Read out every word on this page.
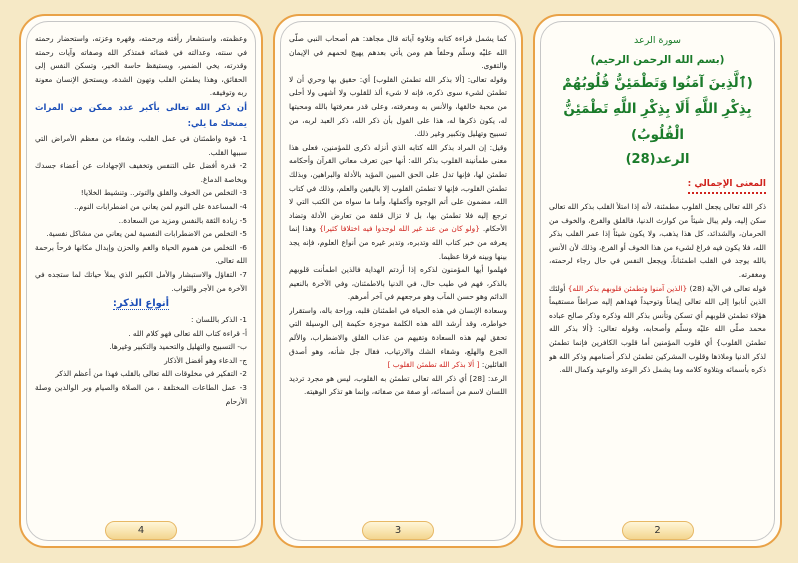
وعظمته، واستشعار رأفته ورحمته، وقهره وعزته، واستحضار رحمته في سنته، وعدالته في قضائه فمتذكر الله وصفاته وآيات رحمته وقدرته، يخي الضمير، ويستيقظ حاسة الخير، وتسكن النفس إلى الحقائق، وهذا يطمئن القلب وتهون الشدة، ويستحق الإنسان معونة ربه وتوفيقه.

أن ذكر الله تعالى بأكبر عدد ممكن من المرات يمنحك ما يلي:

1- قوة واطمئنان في عمل القلب، وشفاء من معظم الأمراض التي سببها القلب.

2- قدرة أفضل على التنفس وتخفيف الإجهادات عن أعضاء جسدك وبخاصة الدماغ.

3- التخلص من الخوف والقلق والتوتر.. وتنشيط الخلايا!

4- المساعدة على النوم لمن يعاني من اضطرابات النوم..

5- زيادة الثقة بالنفس ومزيد من السعادة..

5- التخلص من الاضطرابات النفسية لمن يعاني من مشاكل نفسية.

6- التخلص من هموم الحياة والغم والحزن وإبدال مكانها فرحاً برحمة الله تعالى.

7- التفاؤل والاستبشار والأمل الكبير الذي يملأ حياتك لما ستجده في الآخرة من الأجر والثواب.

أنواع الذكر:

1- الذكر باللسان :

أ- قراءة كتاب الله تعالى فهو كلام الله .

ب- التسبيح والتهليل والتحميد والتكبير وغيرها.

ج- الدعاء وهو أفضل الأذكار

2- التفكير في مخلوقات الله تعالى بالقلب فهذا من أعظم الذكر

3- عمل الطاعات المختلفة ، من الصلاة والصيام وبر الوالدين وصلة الأرحام

4

كما يشمل قراءة كتابه وتلاوة آياته قال مجاهد: هم أصحاب النبي صلّى الله عليْه وسلّم وحلفاً هم ومن يأتي بعدهم يهيج لحمهم في الإيمان والتقوى.

وقوله تعالى: [ألا بذكر الله تطمئن القلوب] أي: حقيق بها وحري أن لا تطمئن لشيء سوى ذكره، فإنه لا شيء ألذ للقلوب ولا أشهى ولا أحلى من محبة خالقها، والأنس به ومعرفته، وعلى قدر معرفتها بالله ومحبتها له، يكون ذكرها له، هذا على القول بأن ذكر الله، ذكر العبد لربه، من تسبيح وتهليل وتكبير وغير ذلك.

وقيل: إن المراد بذكر الله كتابه الذي أنزله ذكرى للمؤمنين، فعلى هذا معنى طمأنينة القلوب بذكر الله: أنها حين تعرف معاني القرآن وأحكامه تطمئن لها، فإنها تدل على الحق المبين المؤيد بالأدلة والبراهين، وبذلك تطمئن القلوب، فإنها لا تطمئن القلوب إلا باليقين والعلم، وذلك في كتاب الله، مضمون على أتم الوجوه وأكملها، وأما ما سواه من الكتب التي لا ترجع إليه فلا تطمئن بها، بل لا تزال قلقة من تعارض الأدلة وتضاد الأحكام. {ولو كان من عند غير الله لوجدوا فيه اختلافا كثيرا} وهذا إنما يعرفه من خبر كتاب الله وتدبره، وتدبر غيره من أنواع العلوم، فإنه يجد بينها وبينه فرقا عظيما.

فهلموا أيها المؤمنون لذكره إذا أردتم الهداية فالذين اطمأنت قلوبهم بالذكر، فهم في طيب حال، في الدنيا بالاطمئنان، وفي الآخرة بالنعيم الدائم وهو حسن المآب وهو مرجعهم في آخر أمرهم.

وسعادة الإنسان في هذه الحياة في اطمئنان قلبه، وراحة باله، واستقرار خواطره، وقد أرشد الله هذه الكلمة موجزة حكيمة إلى الوسيلة التي تحقق لهم هذه السعادة وتقيهم من عذاب القلق والاضطراب، والألم الجزع والهلع، وشقاء الشك والارتياب، فقال جل شأنه، وهو أصدق القائلين: [ ألا بذكر الله تطمئن القلوب ]

الرعد: [28] أي ذكر الله تعالى تطمئن به القلوب، ليس هو مجرد ترديد اللسان لاسم من أسمائه، أو صفة من صفاته، وإنما هو تذكر الوهيته.

3

سورة الرعد

(بسم الله الرحمن الرحيم)

(ٱلَّذِينَ آمَنُوا وَتَطْمَئِنُّ قُلُوبُهُمْ بِذِكْرِ اللَّهِ أَلَا بِذِكْرِ اللَّهِ تَطْمَئِنُّ الْقُلُوبُ)

الرعد(28)

المعنى الإجمالي :

ذكر الله تعالى يجعل القلوب مطمئنة، لأنه إذا امتلأ القلب بذكر الله تعالى سكن إليه، ولم يبال شيئاً من كوارث الدنيا، فالقلق والفرع، والخوف من الحرمان، والشدائد، كل هذا يذهب، ولا يكون شيئاً إذا عمر القلب بذكر الله، فلا يكون فيه فراغ لشيء من هذا الخوف أو الفرع، وذلك لأن الأنس بالله يوجد في القلب اطمئناناً، ويجعل النفس في حال رجاء لرحمته، ومغفرته.

قوله تعالى في الآية (28) {الذين آمنوا وتطمئن قلوبهم بذكر الله} أولئك الذين أنابوا إلى الله تعالى إيماناً وتوحيداً فهداهم إليه صراطاً مستقيماً هؤلاء تطمئن قلوبهم أي تسكن وتأنس بذكر الله وذكره وذكر صالح عباده محمد صلّى الله عليْه وسلّم وأصحابه، وقوله تعالى: {ألا بذكر الله تطمئن القلوب} أي قلوب المؤمنين أما قلوب الكافرين فإنما تطمئن لذكر الدنيا وملاذها وقلوب المشركين تطمئن لذكر أصنامهم وذكر الله هو ذكره بأسمائه وبتلاوة كلامه وما يشمل ذكر الوعد والوعيد وكمال الله.

2
